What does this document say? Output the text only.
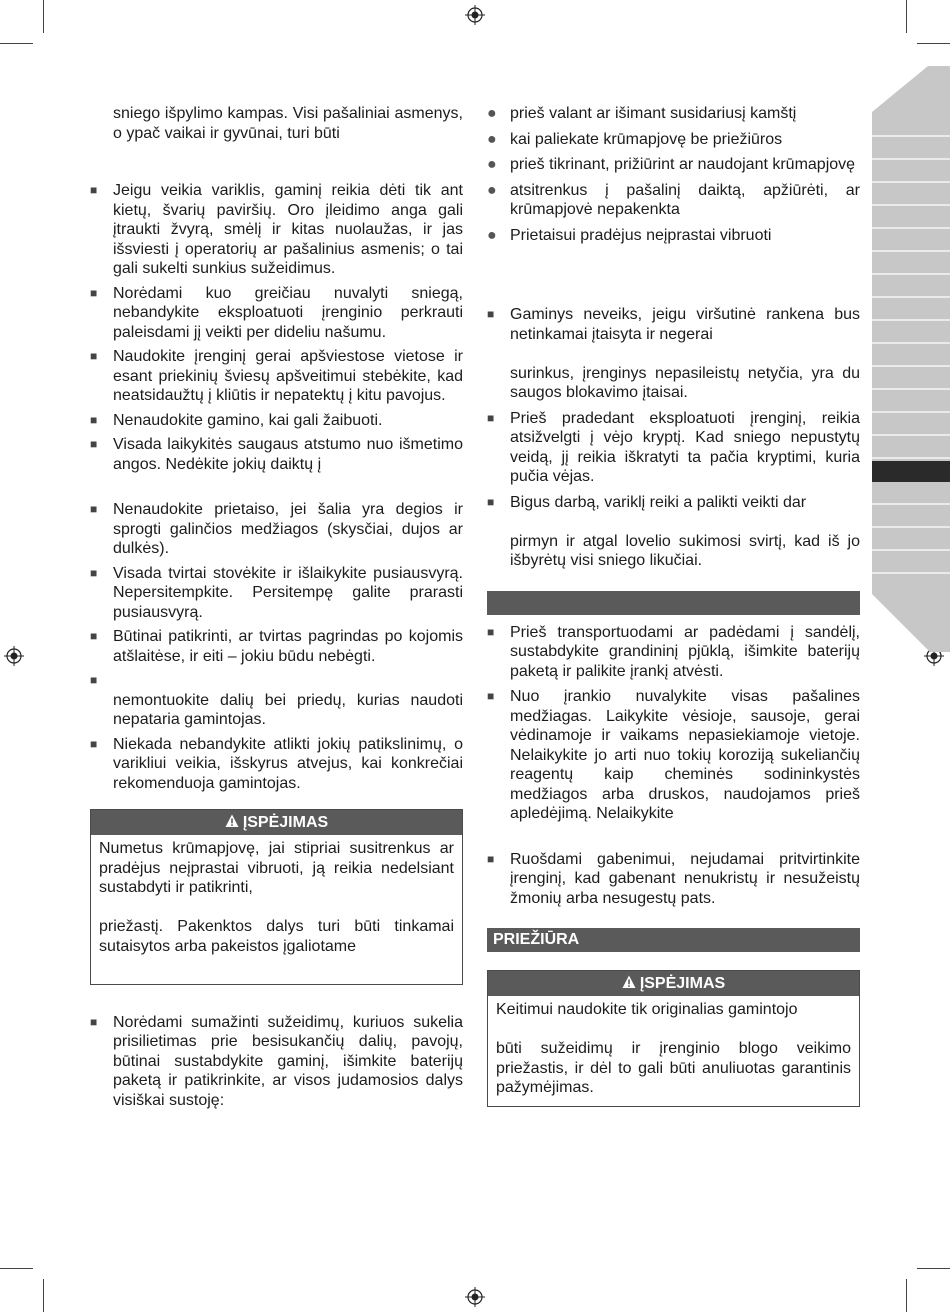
sniego išpylimo kampas. Visi pašaliniai asmenys, o ypač vaikai ir gyvūnai, turi būti

■ Jeigu veikia variklis, gaminį reikia dėti tik ant kietų, švarių paviršių. Oro įleidimo anga gali įtraukti žvyrą, smėlį ir kitas nuolaužas, ir jas išsviesti į operatorių ar pašalinius asmenis; o tai gali sukelti sunkius sužeidimus.

■ Norėdami kuo greičiau nuvalyti sniegą, nebandykite eksploatuoti įrenginio perkrauti paleisdami jį veikti per dideliu našumu.

■ Naudokite įrenginį gerai apšviestose vietose ir esant priekinių šviesų apšveitimui stebėkite, kad neatsidaužtų į kliūtis ir nepatektų į kitu pavojus.

■ Nenaudokite gamino, kai gali žaibuoti.

■ Visada laikykitės saugaus atstumo nuo išmetimo angos. Nedėkite jokių daiktų į

■ Nenaudokite prietaiso, jei šalia yra degios ir sprogti galinčios medžiagos (skysčiai, dujos ar dulkės).

■ Visada tvirtai stovėkite ir išlaikykite pusiausvyrą. Nepersitempkite. Persitempę galite prarasti pusiausvyrą.

■ Būtinai patikrinti, ar tvirtas pagrindas po kojomis atšlaitėse, ir eiti – jokiu būdu nebėgti.

■

nemontuokite dalių bei priedų, kurias naudoti nepataria gamintojas.

■ Niekada nebandykite atlikti jokių patikslinimų, o varikliui veikia, išskyrus atvejus, kai konkrečiai rekomenduoja gamintojas.

ĮSPĖJIMAS
Numetus krūmapjovę, jai stipriai susitrenkus ar pradėjus neįprastai vibruoti, ją reikia nedelsiant sustabdyti ir patikrinti,
priežastį. Pakenktos dalys turi būti tinkamai sutaisytos arba pakeistos įgaliotame

■ Norėdami sumažinti sužeidimų, kuriuos sukelia prisilietimas prie besisukančių dalių, pavojų, būtinai sustabdykite gaminį, išimkite baterijų paketą ir patikrinkite, ar visos judamosios dalys visiškai sustoję:

● prieš valant ar išimant susidariusį kamštį

● kai paliekate krūmapjovę be priežiūros

● prieš tikrinant, prižiūrint ar naudojant krūmapjovę

● atsitrenkus į pašalinį daiktą, apžiūrėti, ar krūmapjovė nepakenkta

● Prietaisui pradėjus neįprastai vibruoti

■ Gaminys neveiks, jeigu viršutinė rankena bus netinkamai įtaisyta ir negerai

surinkus, įrenginys nepasileistų netyčia, yra du saugos blokavimo įtaisai.

■ Prieš pradedant eksploatuoti įrenginį, reikia atsižvelgti į vėjo kryptį. Kad sniego nepustytų veidą, jį reikia iškratyti ta pačia kryptimi, kuria pučia vėjas.

■ Bigus darbą, variklį reiki a palikti veikti dar

pirmyn ir atgal lovelio sukimosi svirtį, kad iš jo išbyrėtų visi sniego likučiai.

■ Prieš transportuodami ar padėdami į sandėlį, sustabdykite grandininį pjūklą, išimkite baterijų paketą ir palikite įrankį atvėsti.

■ Nuo įrankio nuvalykite visas pašalines medžiagas. Laikykite vėsioje, sausoje, gerai vėdinamoje ir vaikams nepasiekiamoje vietoje. Nelaikykite jo arti nuo tokių koroziją sukeliančių reagentų kaip cheminės sodininkystės medžiagos arba druskos, naudojamos prieš apledėjimą. Nelaikykite

■ Ruošdami gabenimui, nejudamai pritvirtinkite įrenginį, kad gabenant nenukristų ir nesužeistų žmonių arba nesugestų pats.

PRIEŽIŪRA
ĮSPĖJIMAS
Keitimui naudokite tik originalias gamintojo
būti sužeidimų ir įrenginio blogo veikimo priežastis, ir dėl to gali būti anuliuotas garantinis pažymėjimas.
